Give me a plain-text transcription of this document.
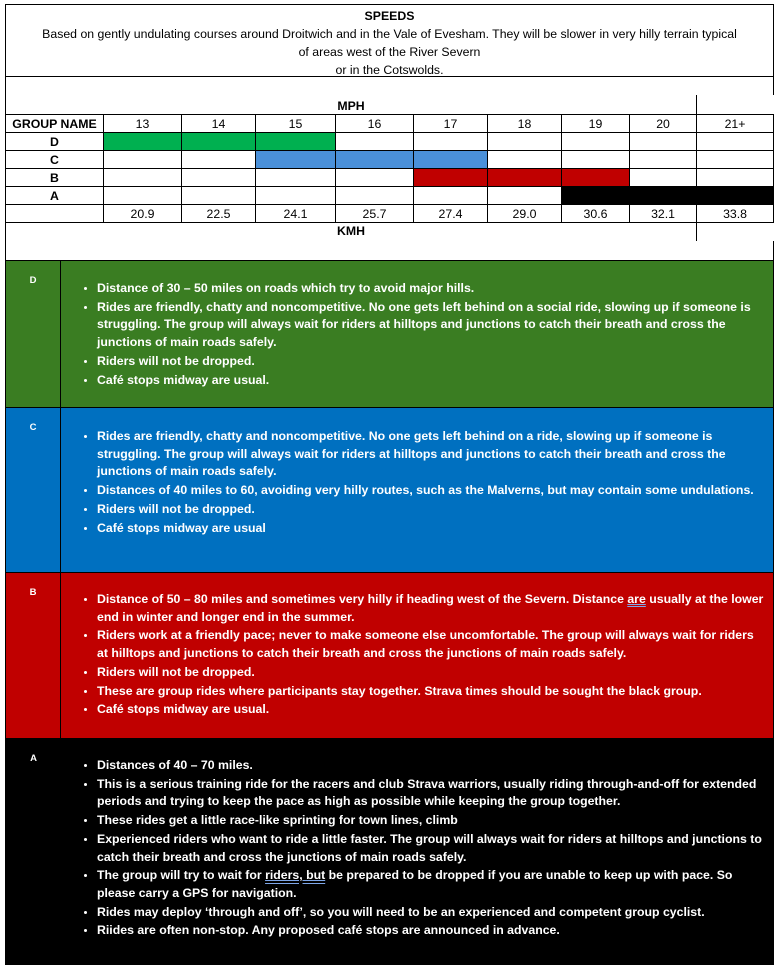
SPEEDS
Based on gently undulating courses around Droitwich and in the Vale of Evesham. They will be slower in very hilly terrain typical
of areas west of the River Severn
or in the Cotswolds.
MPH									
GROUP NAME	13	14	15	16	17	18	19	20	21+
D									
C									
B									
A									
	20.9	22.5	24.1	25.7	27.4	29.0	30.6	32.1	33.8
KMH									
D
• Distance of 30 – 50 miles on roads which try to avoid major hills.
• Rides are friendly, chatty and noncompetitive. No one gets left behind on a social ride, slowing up if someone is struggling. The group will always wait for riders at hilltops and junctions to catch their breath and cross the junctions of main roads safely.
• Riders will not be dropped.
• Café stops midway are usual.
C
• Rides are friendly, chatty and noncompetitive. No one gets left behind on a ride, slowing up if someone is struggling. The group will always wait for riders at hilltops and junctions to catch their breath and cross the junctions of main roads safely.
• Distances of 40 miles to 60, avoiding very hilly routes, such as the Malverns, but may contain some undulations.
• Riders will not be dropped.
• Café stops midway are usual
B	• Distance of 50 – 80 miles and sometimes very hilly if heading west of the Severn. Distance are usually at the lower end in winter and longer end in the summer.
• Riders work at a friendly pace; never to make someone else uncomfortable. The group will always wait for riders at hilltops and junctions to catch their breath and cross the junctions of main roads safely.
• Riders will not be dropped.
• These are group rides where participants stay together. Strava times should be sought the black group.
• Café stops midway are usual.
A	• Distances of 40 – 70 miles.
• This is a serious training ride for the racers and club Strava warriors, usually riding through-and-off for extended periods and trying to keep the pace as high as possible while keeping the group together.
• These rides get a little race-like sprinting for town lines, climb
• Experienced riders who want to ride a little faster. The group will always wait for riders at hilltops and junctions to catch their breath and cross the junctions of main roads safely.
• The group will try to wait for riders, but be prepared to be dropped if you are unable to keep up with pace. So please carry a GPS for navigation.
• Rides may deploy ‘through and off’, so you will need to be an experienced and competent group cyclist.
• Riides are often non-stop. Any proposed café stops are announced in advance.
